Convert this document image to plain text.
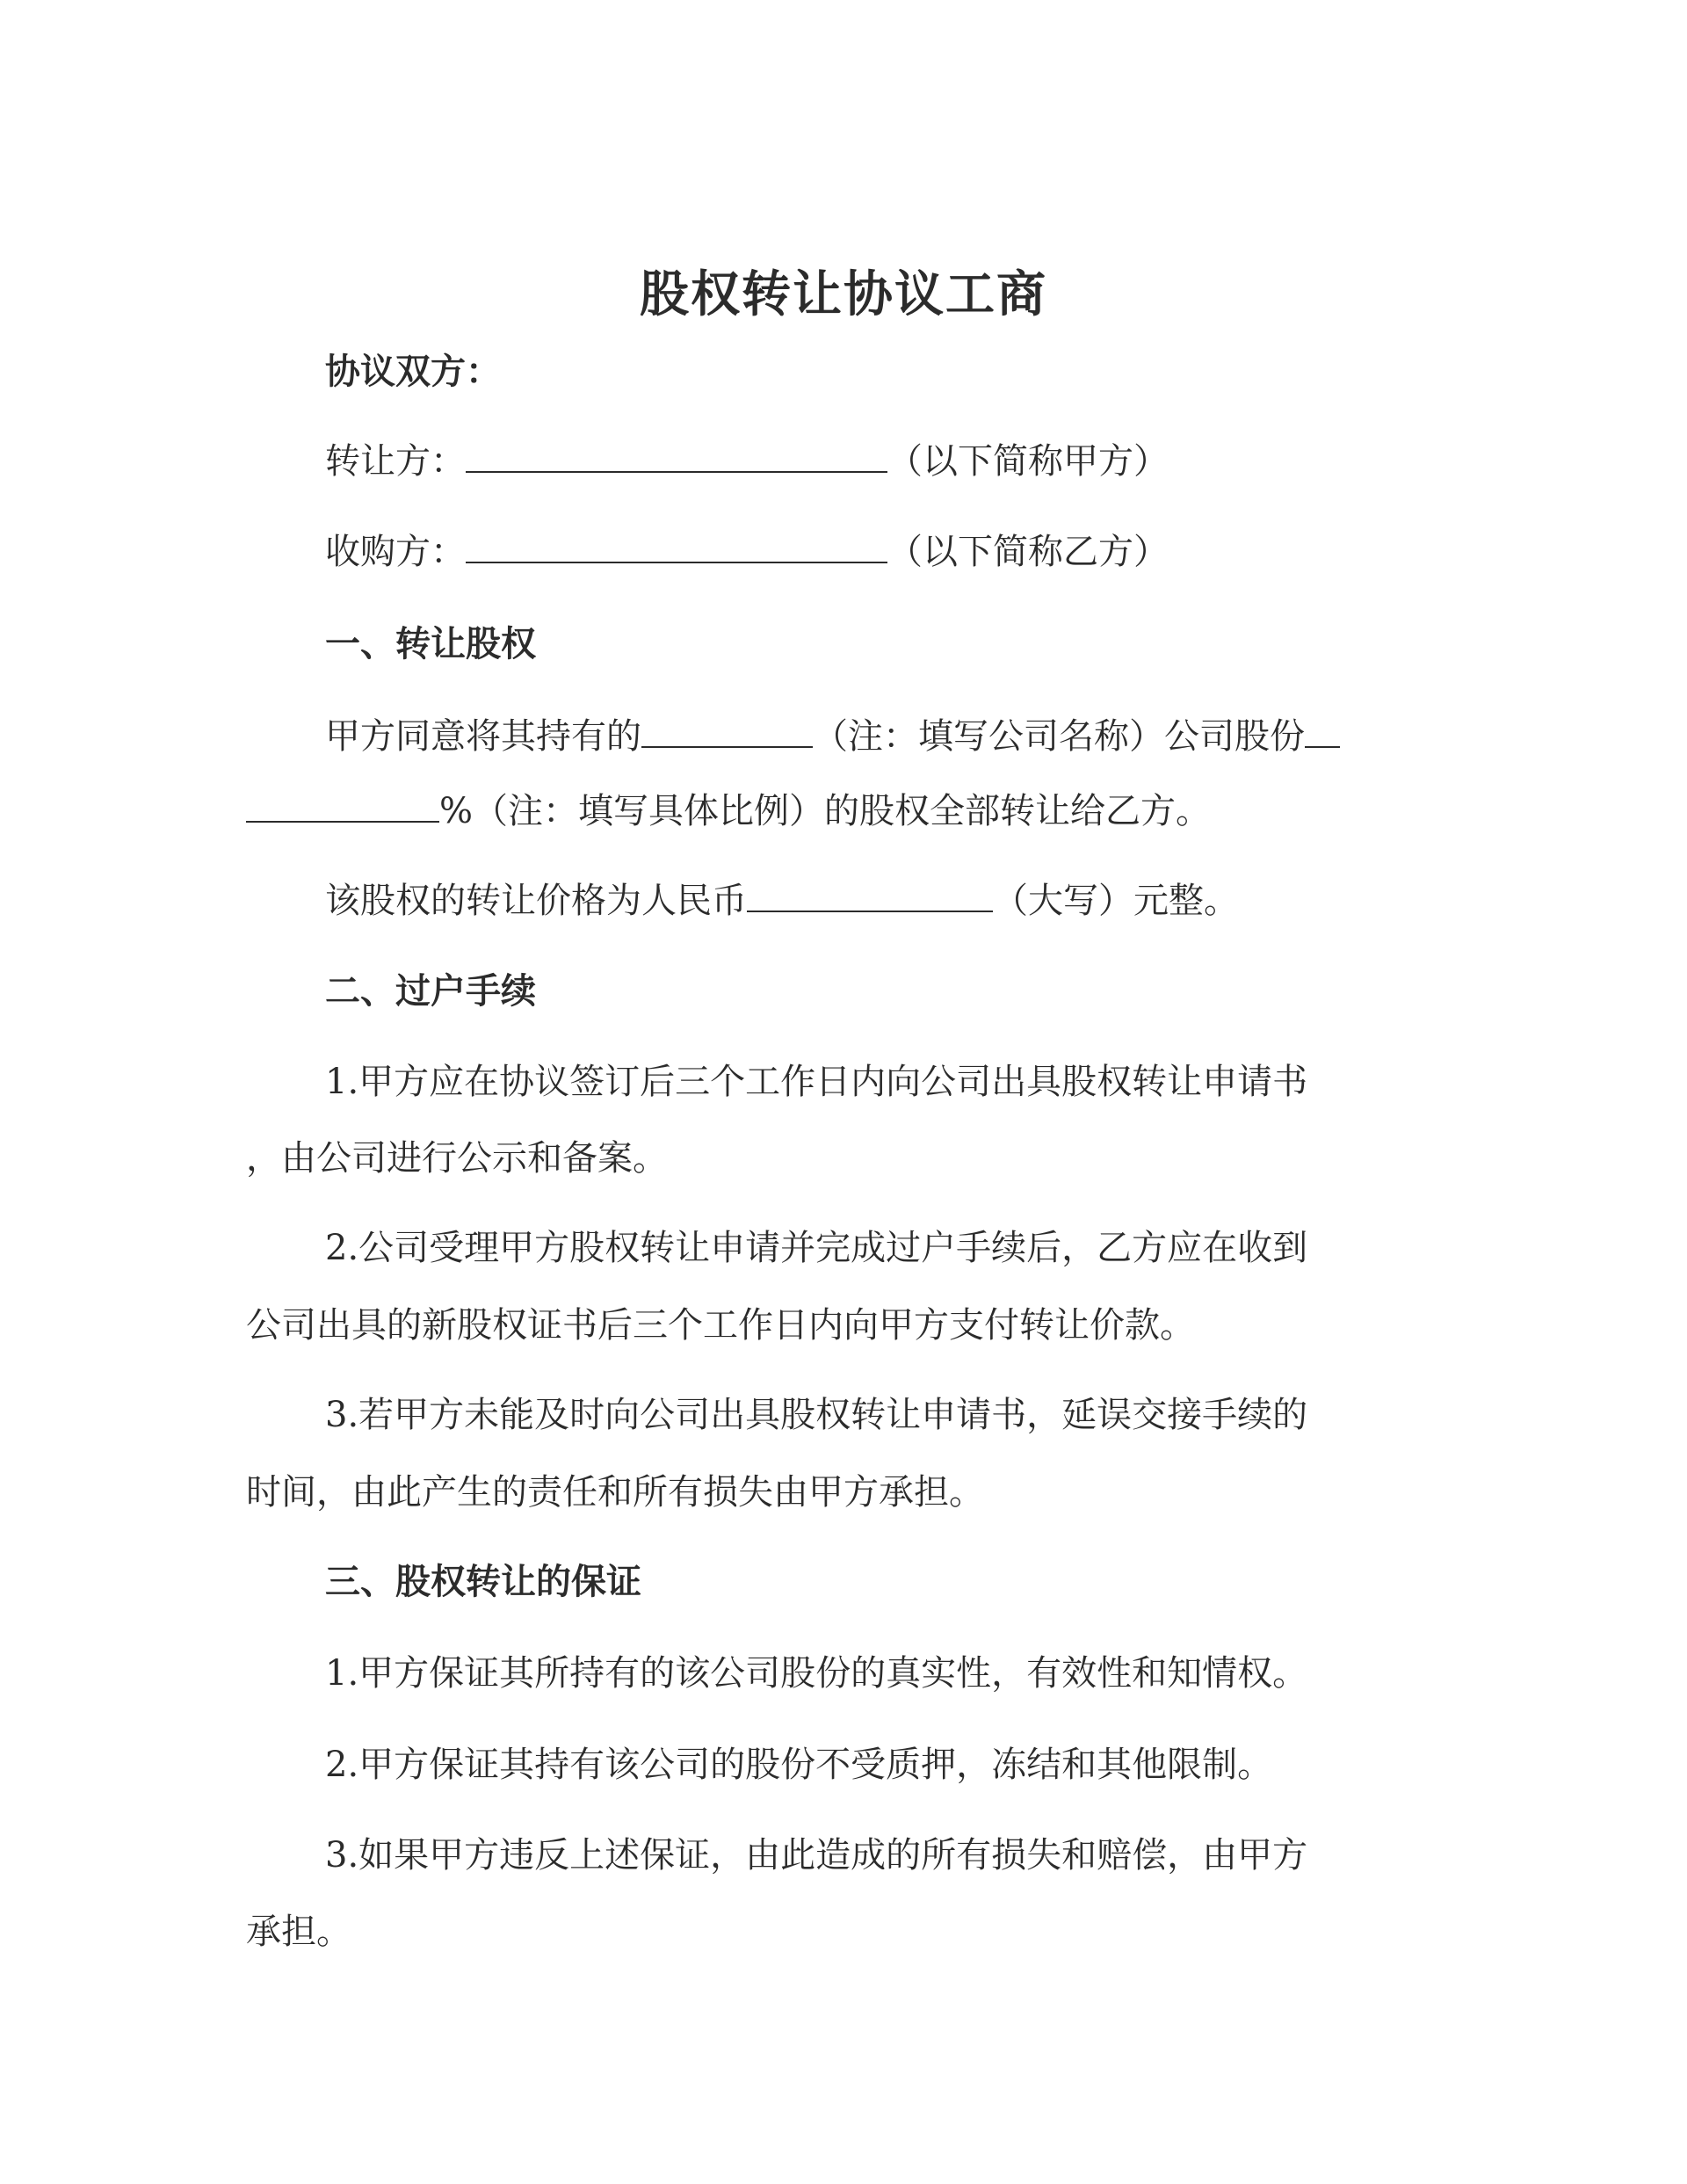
股权转让协议工商
协议双方：
转让方：	（以下简称甲方）
收购方：	（以下简称乙方）
一、转让股权
甲方同意将其持有的	（注：填写公司名称）公司股份
%（注：填写具体比例）的股权全部转让给乙方。
该股权的转让价格为人民币	（大写）元整。
二、过户手续
1.甲方应在协议签订后三个工作日内向公司出具股权转让申请书
，由公司进行公示和备案。
2.公司受理甲方股权转让申请并完成过户手续后，乙方应在收到
公司出具的新股权证书后三个工作日内向甲方支付转让价款。
3.若甲方未能及时向公司出具股权转让申请书，延误交接手续的
时间，由此产生的责任和所有损失由甲方承担。
三、股权转让的保证
1.甲方保证其所持有的该公司股份的真实性，有效性和知情权。
2.甲方保证其持有该公司的股份不受质押，冻结和其他限制。
3.如果甲方违反上述保证，由此造成的所有损失和赔偿，由甲方
承担。
